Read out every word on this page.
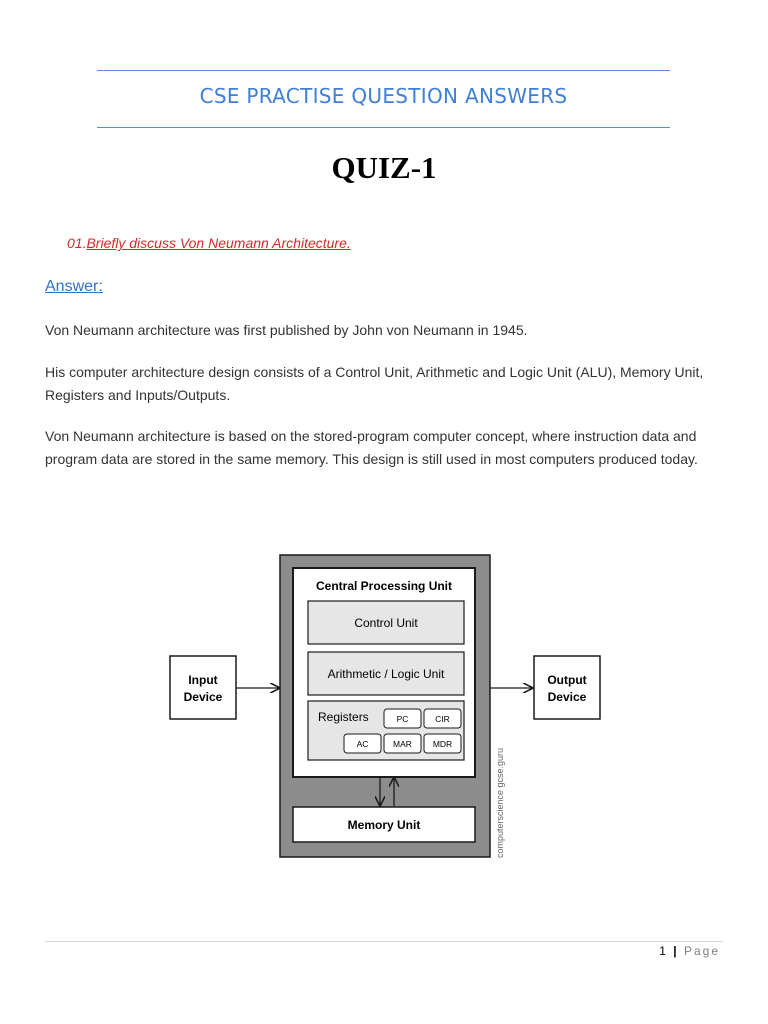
CSE PRACTISE QUESTION ANSWERS
QUIZ-1
01.Briefly discuss Von Neumann Architecture.
Answer:
Von Neumann architecture was first published by John von Neumann in 1945.
His computer architecture design consists of a Control Unit, Arithmetic and Logic Unit (ALU), Memory Unit, Registers and Inputs/Outputs.
Von Neumann architecture is based on the stored-program computer concept, where instruction data and program data are stored in the same memory. This design is still used in most computers produced today.
Input
Device
Central Processing Unit
Control Unit
Arithmetic / Logic Unit
Registers	PC	CIR
AC	MAR MDR
Memory Unit
Output
Device
computerscience gcse.guru
1 | Page
